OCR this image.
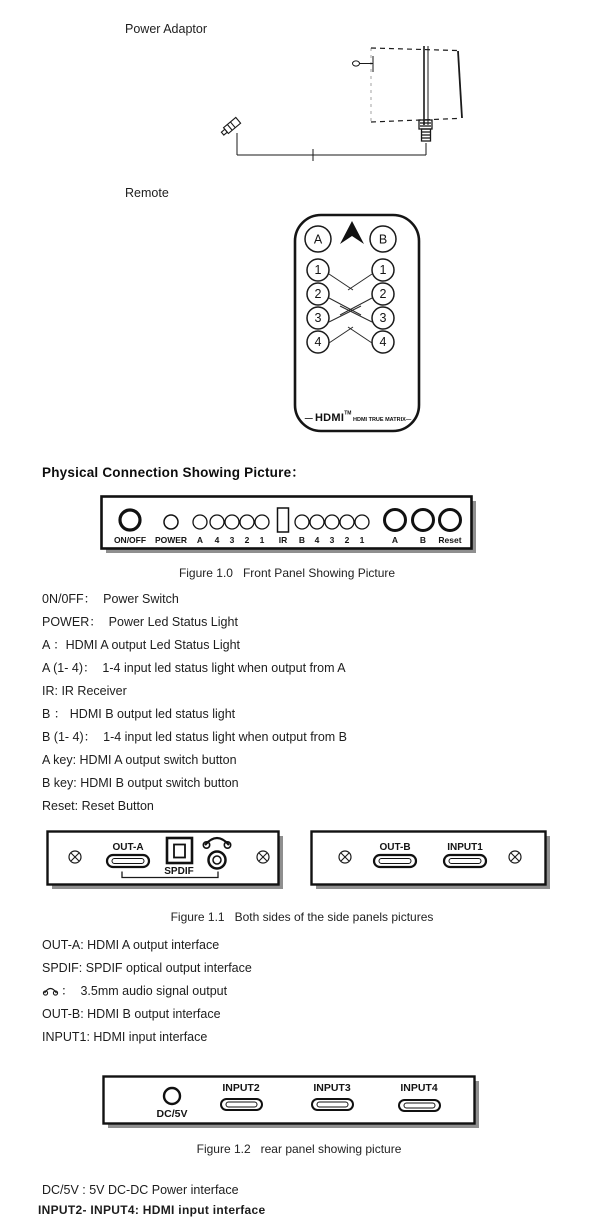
Power Adaptor
Remote
A	B
1
2
3
4
1
2
3
4
— HDMI™ HDMI TRUE MATRIX—
Physical Connection Showing Picture：
ON/OFF POWER A 4 3 2 1 IR B 4 3 2 1	A	B Reset
Figure 1.0   Front Panel Showing Picture

0N/0FF：  Power Switch

POWER：  Power Led Status Light

A ：HDMI A output Led Status Light

A (1- 4)：  1-4 input led status light when output from A

IR: IR Receiver

B ： HDMI B output led status light

B (1- 4)：  1-4 input led status light when output from B

A key: HDMI A output switch button

B key: HDMI B output switch button

Reset: Reset Button

OUT-A
SPDIF
OUT-B	INPUT1
Figure 1.1   Both sides of the side panels pictures

OUT-A: HDMI A output interface

SPDIF: SPDIF optical output interface

：  3.5mm audio signal output

OUT-B: HDMI B output interface

INPUT1: HDMI input interface

DC/5V
INPUT2	INPUT3	INPUT4
Figure 1.2   rear panel showing picture

DC/5V : 5V DC-DC Power interface

INPUT2- INPUT4: HDMI input interface
